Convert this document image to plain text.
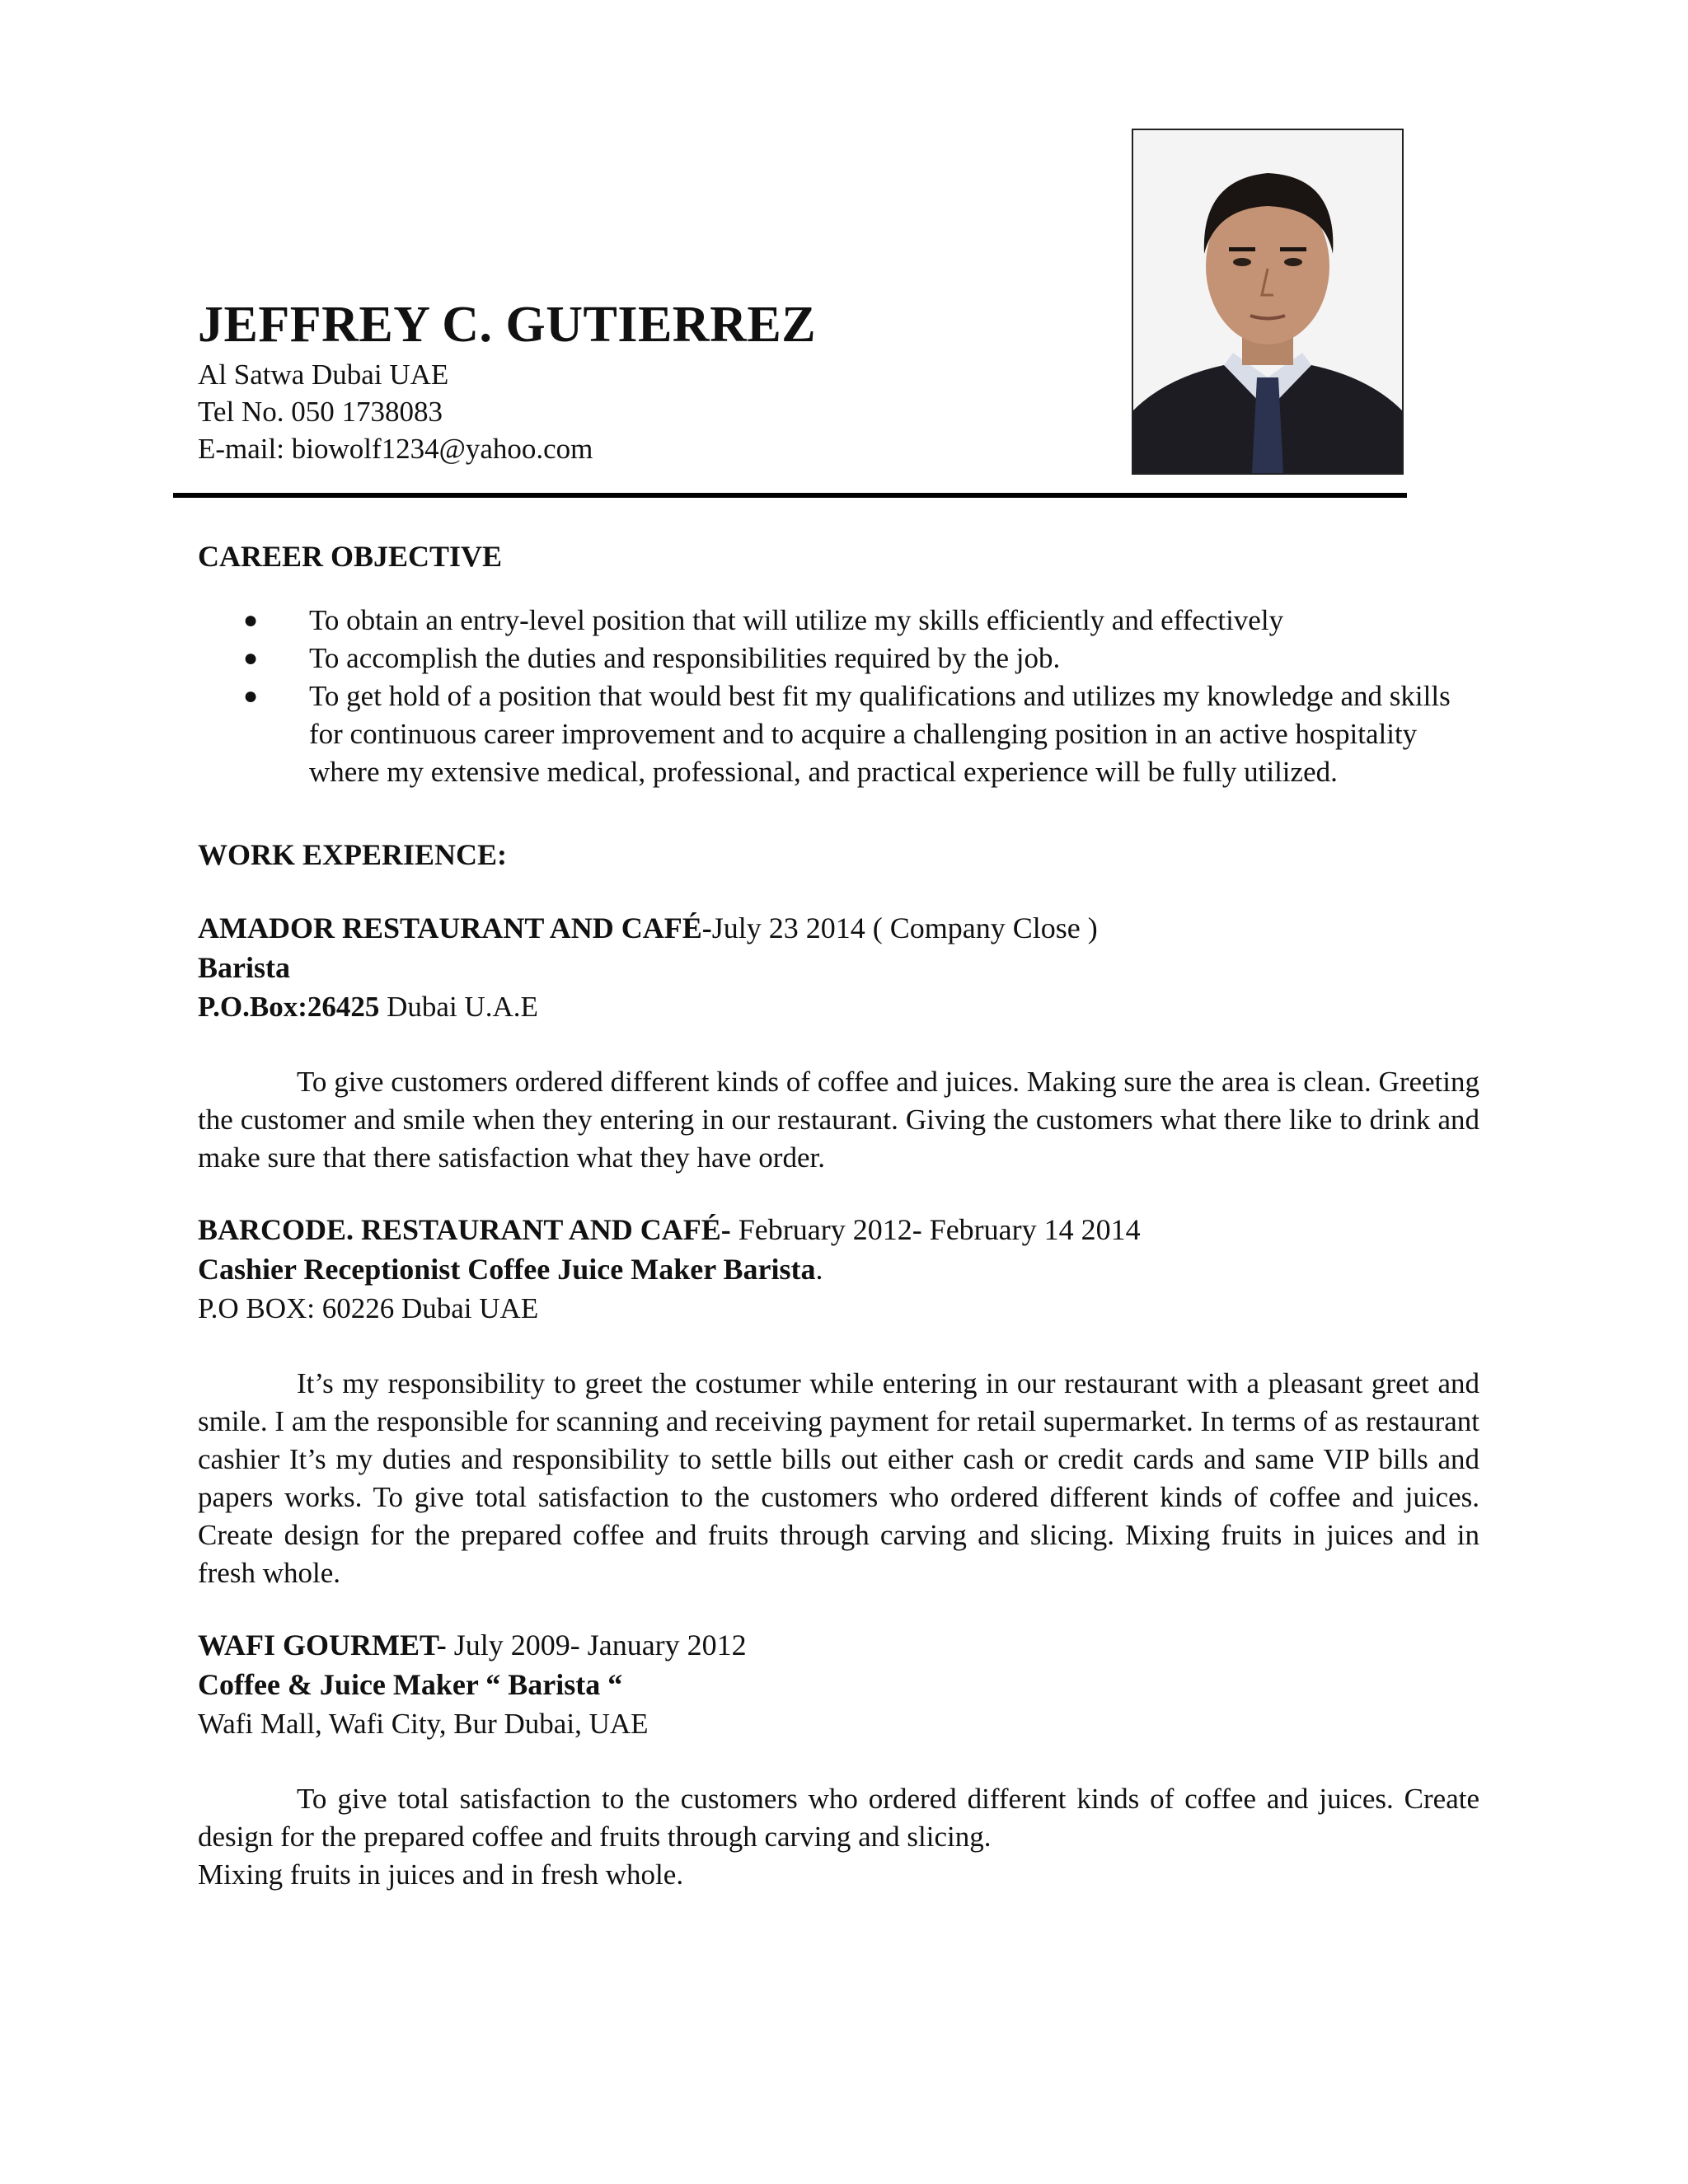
JEFFREY C. GUTIERREZ
Al Satwa Dubai UAE
Tel No. 050 1738083
E-mail: biowolf1234@yahoo.com
CAREER OBJECTIVE
● To obtain an entry-level position that will utilize my skills efficiently and effectively
● To accomplish the duties and responsibilities required by the job.
● To get hold of a position that would best fit my qualifications and utilizes my knowledge and skills for continuous career improvement and to acquire a challenging position in an active hospitality where my extensive medical, professional, and practical experience will be fully utilized.
WORK EXPERIENCE:
AMADOR RESTAURANT AND CAFÉ-July 23 2014 ( Company Close )
Barista
P.O.Box:26425 Dubai U.A.E
To give customers ordered different kinds of coffee and juices. Making sure the area is clean. Greeting the customer and smile when they entering in our restaurant. Giving the customers what there like to drink and make sure that there satisfaction what they have order.
BARCODE. RESTAURANT AND CAFÉ- February 2012- February 14 2014
Cashier Receptionist Coffee Juice Maker Barista.
P.O BOX: 60226 Dubai UAE
It’s my responsibility to greet the costumer while entering in our restaurant with a pleasant greet and smile. I am the responsible for scanning and receiving payment for retail supermarket. In terms of as restaurant cashier It’s my duties and responsibility to settle bills out either cash or credit cards and same VIP bills and papers works. To give total satisfaction to the customers who ordered different kinds of coffee and juices. Create design for the prepared coffee and fruits through carving and slicing. Mixing fruits in juices and in fresh whole.
WAFI GOURMET- July 2009- January 2012
Coffee & Juice Maker “ Barista “
Wafi Mall, Wafi City, Bur Dubai, UAE
To give total satisfaction to the customers who ordered different kinds of coffee and juices. Create design for the prepared coffee and fruits through carving and slicing.
Mixing fruits in juices and in fresh whole.
